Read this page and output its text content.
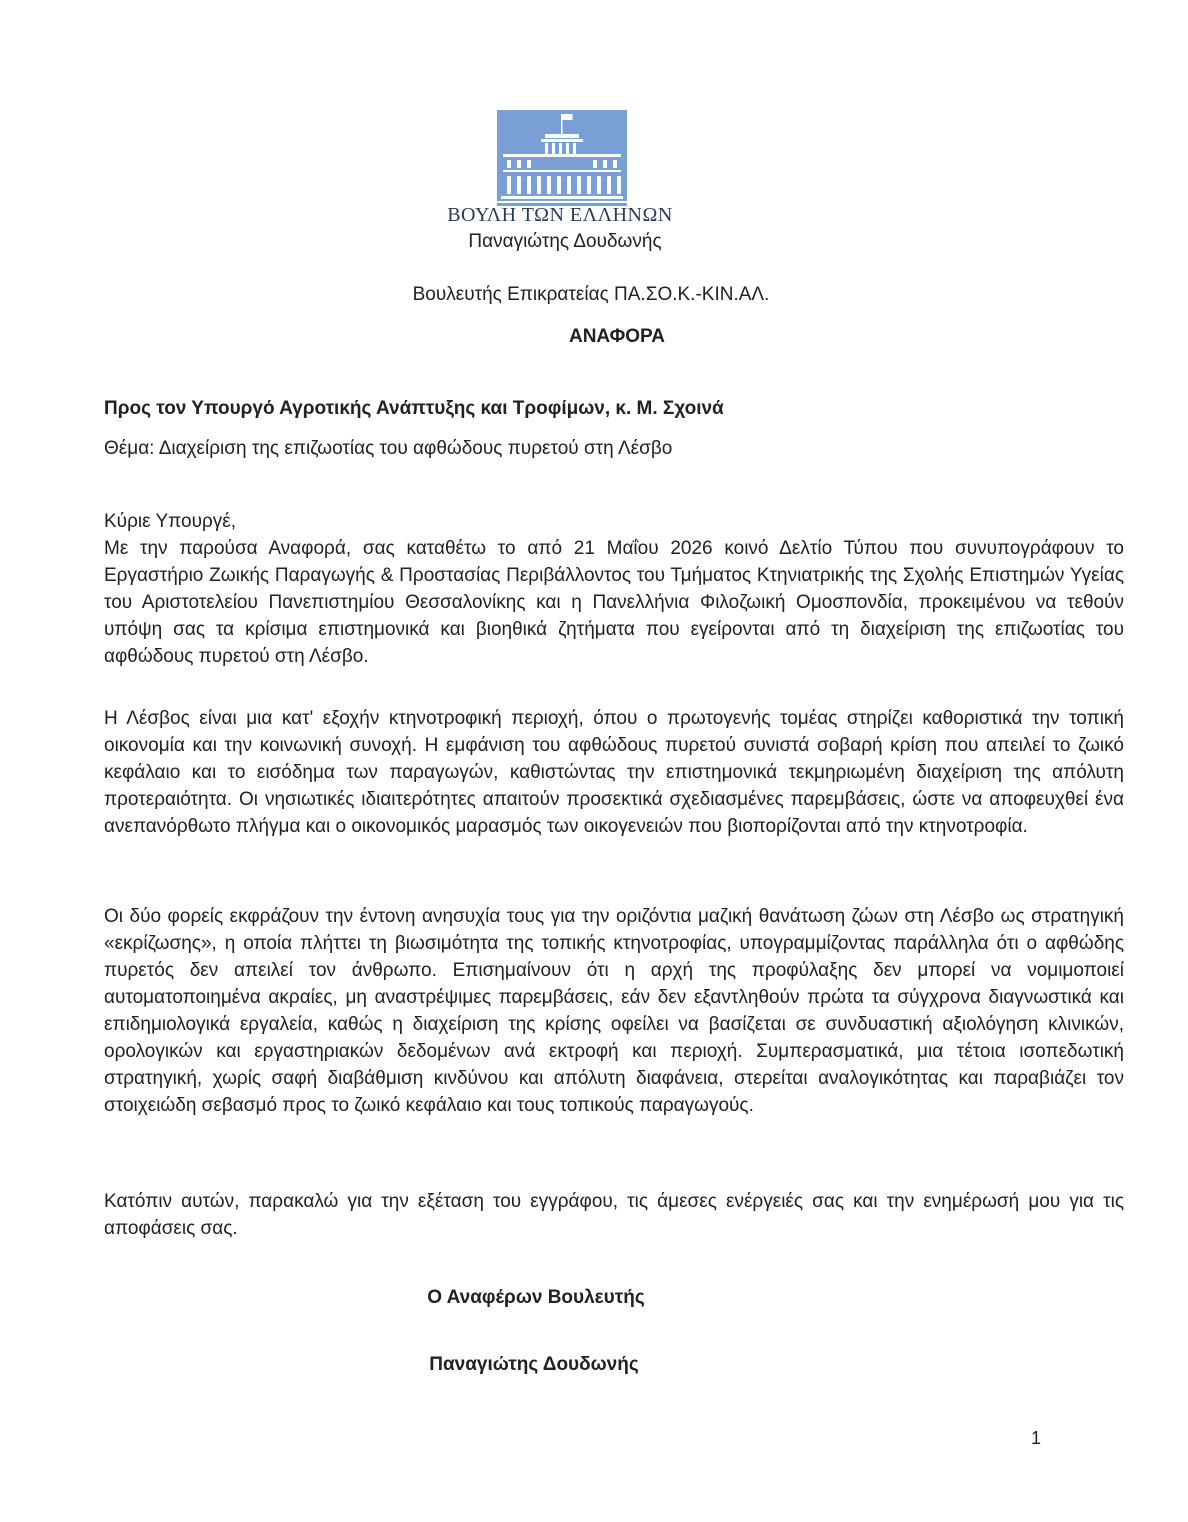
ΒΟΥΛΗ ΤΩΝ ΕΛΛΗΝΩΝ
Παναγιώτης Δουδωνής
Βουλευτής Επικρατείας ΠΑ.ΣΟ.Κ.-ΚΙΝ.ΑΛ.
ΑΝΑΦΟΡΑ
Προς τον Υπουργό Αγροτικής Ανάπτυξης και Τροφίμων, κ. Μ. Σχοινά
Θέμα: Διαχείριση της επιζωοτίας του αφθώδους πυρετού στη Λέσβο
Κύριε Υπουργέ,
Με την παρούσα Αναφορά, σας καταθέτω το από 21 Μαΐου 2026 κοινό Δελτίο Τύπου που συνυπογράφουν το Εργαστήριο Ζωικής Παραγωγής & Προστασίας Περιβάλλοντος του Τμήματος Κτηνιατρικής της Σχολής Επιστημών Υγείας του Αριστοτελείου Πανεπιστημίου Θεσσαλονίκης και η Πανελλήνια Φιλοζωική Ομοσπονδία, προκειμένου να τεθούν υπόψη σας τα κρίσιμα επιστημονικά και βιοηθικά ζητήματα που εγείρονται από τη διαχείριση της επιζωοτίας του αφθώδους πυρετού στη Λέσβο.
Η Λέσβος είναι μια κατ' εξοχήν κτηνοτροφική περιοχή, όπου ο πρωτογενής τομέας στηρίζει καθοριστικά την τοπική οικονομία και την κοινωνική συνοχή. Η εμφάνιση του αφθώδους πυρετού συνιστά σοβαρή κρίση που απειλεί το ζωικό κεφάλαιο και το εισόδημα των παραγωγών, καθιστώντας την επιστημονικά τεκμηριωμένη διαχείριση της απόλυτη προτεραιότητα. Οι νησιωτικές ιδιαιτερότητες απαιτούν προσεκτικά σχεδιασμένες παρεμβάσεις, ώστε να αποφευχθεί ένα ανεπανόρθωτο πλήγμα και ο οικονομικός μαρασμός των οικογενειών που βιοπορίζονται από την κτηνοτροφία.
Οι δύο φορείς εκφράζουν την έντονη ανησυχία τους για την οριζόντια μαζική θανάτωση ζώων στη Λέσβο ως στρατηγική «εκρίζωσης», η οποία πλήττει τη βιωσιμότητα της τοπικής κτηνοτροφίας, υπογραμμίζοντας παράλληλα ότι ο αφθώδης πυρετός δεν απειλεί τον άνθρωπο. Επισημαίνουν ότι η αρχή της προφύλαξης δεν μπορεί να νομιμοποιεί αυτοματοποιημένα ακραίες, μη αναστρέψιμες παρεμβάσεις, εάν δεν εξαντληθούν πρώτα τα σύγχρονα διαγνωστικά και επιδημιολογικά εργαλεία, καθώς η διαχείριση της κρίσης οφείλει να βασίζεται σε συνδυαστική αξιολόγηση κλινικών, ορολογικών και εργαστηριακών δεδομένων ανά εκτροφή και περιοχή. Συμπερασματικά, μια τέτοια ισοπεδωτική στρατηγική, χωρίς σαφή διαβάθμιση κινδύνου και απόλυτη διαφάνεια, στερείται αναλογικότητας και παραβιάζει τον στοιχειώδη σεβασμό προς το ζωικό κεφάλαιο και τους τοπικούς παραγωγούς.
Κατόπιν αυτών, παρακαλώ για την εξέταση του εγγράφου, τις άμεσες ενέργειές σας και την ενημέρωσή μου για τις αποφάσεις σας.
Ο Αναφέρων Βουλευτής
Παναγιώτης Δουδωνής
1
